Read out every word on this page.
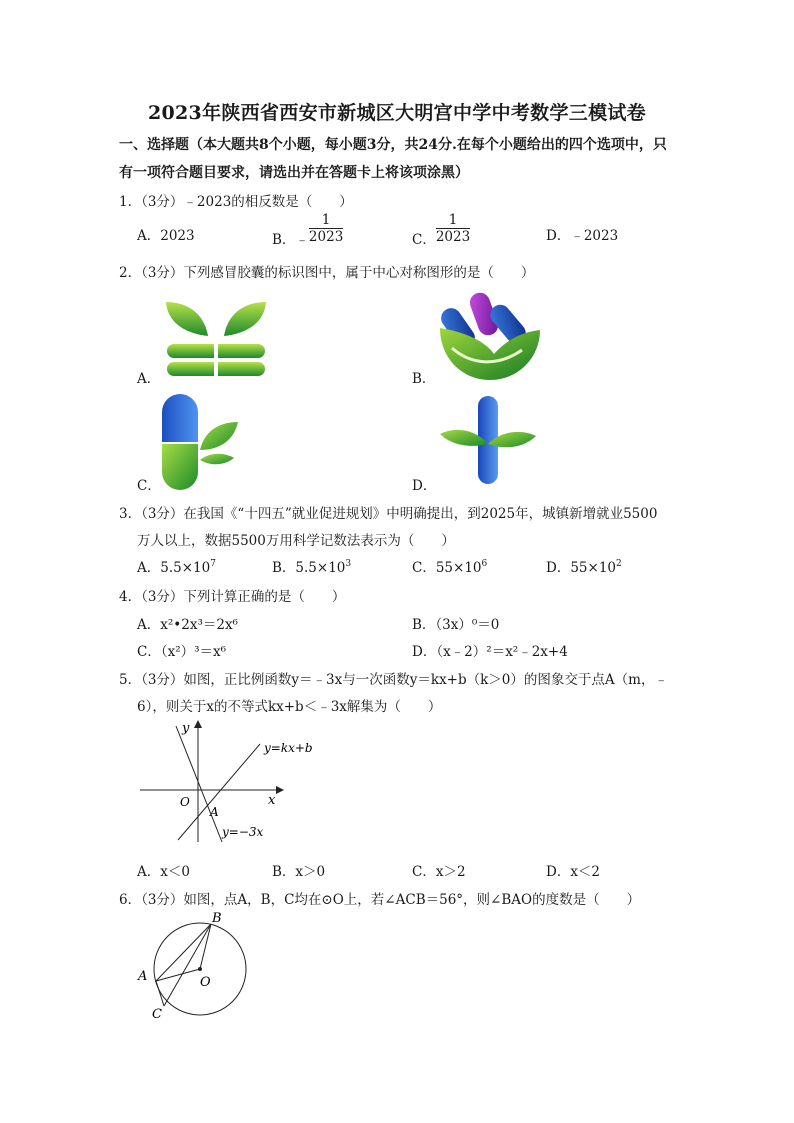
2023年陕西省西安市新城区大明宫中学中考数学三模试卷
一、选择题（本大题共8个小题，每小题3分，共24分.在每个小题给出的四个选项中，只
有一项符合题目要求，请选出并在答题卡上将该项涂黑）
1．（3分）﹣2023的相反数是（　　）
A．2023	B．﹣ $\frac{1}{2023}$	C． $\frac{1}{2023}$	D．﹣2023
2．（3分）下列感冒胶囊的标识图中，属于中心对称图形的是（　　）
A．	B．
C．	D．
3．（3分）在我国《“十四五”就业促进规划》中明确提出，到2025年，城镇新增就业5500
万人以上，数据5500万用科学记数法表示为（　　）
A．$5.5\times 10^7$	B．$5.5\times 10^3$	C．$55\times 10^6$	D．$55\times 10^2$
4．（3分）下列计算正确的是（　　）
A．x²•2x³＝2x⁶	B．（3x）⁰＝0
C．（x²）³＝x⁶	D．（x﹣2）²＝x²﹣2x+4
5．（3分）如图，正比例函数y＝﹣3x与一次函数y＝kx+b（k＞0）的图象交于点A（m，﹣
6），则关于x的不等式kx+b＜﹣3x解集为（　　）
y
x
O
A
y=kx+b
y=−3x
A．x＜0	B．x＞0	C．x＞2	D．x＜2
6．（3分）如图，点A，B，C均在⊙O上，若∠ACB＝56°，则∠BAO的度数是（　　）
B
A	O
C
